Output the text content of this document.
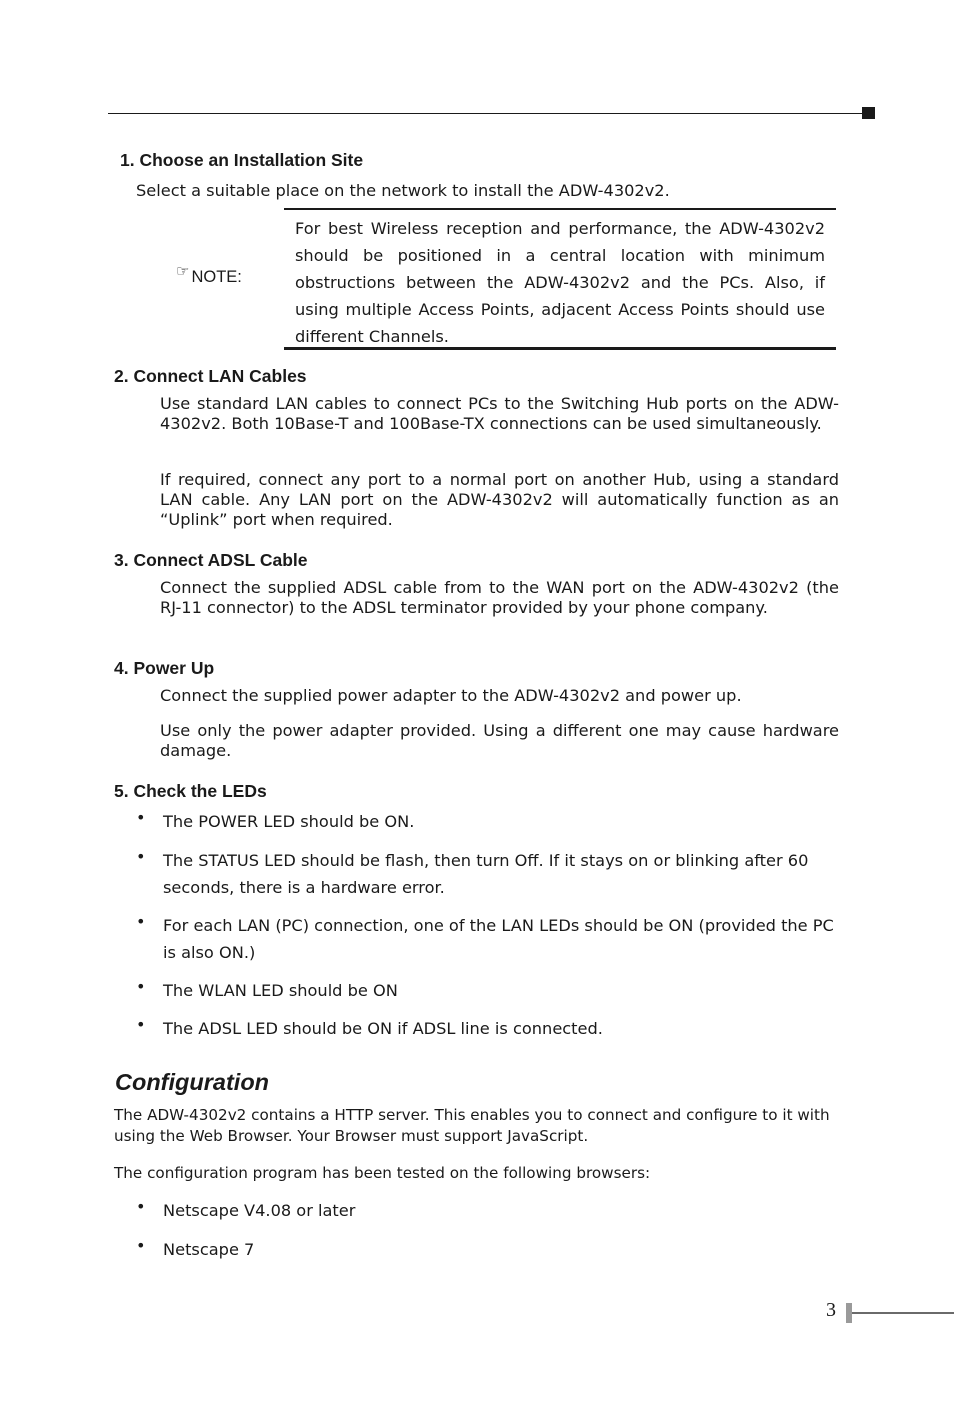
1. Choose an Installation Site
Select a suitable place on the network to install the ADW-4302v2.
☞ NOTE:
For best Wireless reception and performance, the ADW-4302v2 should be positioned in a central location with minimum obstructions between the ADW-4302v2 and the PCs. Also, if using multiple Access Points, adjacent Access Points should use different Channels.
2. Connect LAN Cables
Use standard LAN cables to connect PCs to the Switching Hub ports on the ADW-4302v2. Both 10Base-T and 100Base-TX connections can be used simultaneously.
If required, connect any port to a normal port on another Hub, using a standard LAN cable. Any LAN port on the ADW-4302v2 will automatically function as an “Uplink” port when required.
3. Connect ADSL Cable
Connect the supplied ADSL cable from to the WAN port on the ADW-4302v2 (the RJ-11 connector) to the ADSL terminator provided by your phone company.
4. Power Up
Connect the supplied power adapter to the ADW-4302v2 and power up.
Use only the power adapter provided. Using a different one may cause hardware damage.
5. Check the LEDs
• The POWER LED should be ON.
• The STATUS LED should be flash, then turn Off. If it stays on or blinking after 60 seconds, there is a hardware error.
• For each LAN (PC) connection, one of the LAN LEDs should be ON (provided the PC is also ON.)
• The WLAN LED should be ON
• The ADSL LED should be ON if ADSL line is connected.
Configuration
The ADW-4302v2 contains a HTTP server. This enables you to connect and configure to it with using the Web Browser. Your Browser must support JavaScript.
The configuration program has been tested on the following browsers:
• Netscape V4.08 or later
• Netscape 7
3
